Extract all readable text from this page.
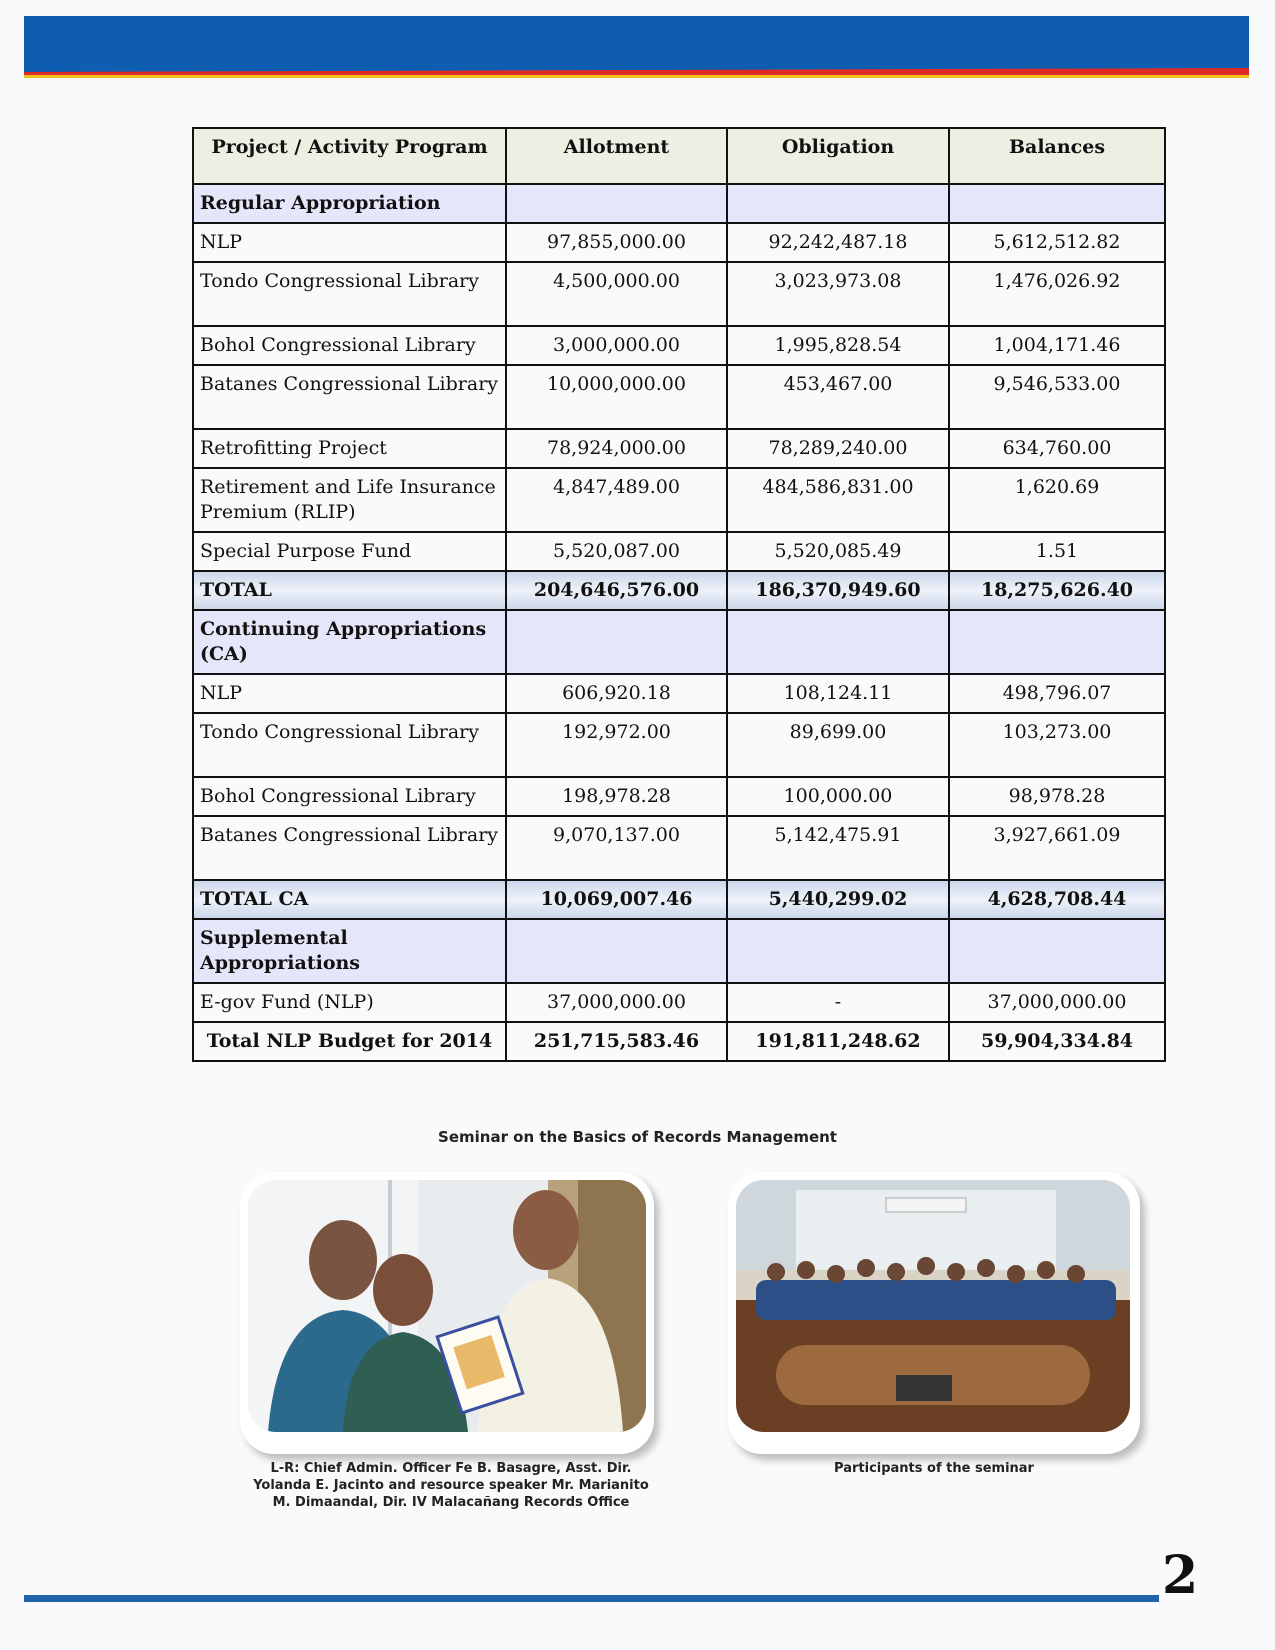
Project / Activity Program	Allotment	Obligation	Balances
Regular Appropriation			
NLP	97,855,000.00	92,242,487.18	5,612,512.82
Tondo Congressional Library	4,500,000.00	3,023,973.08	1,476,026.92
Bohol Congressional Library	3,000,000.00	1,995,828.54	1,004,171.46
Batanes Congressional Library	10,000,000.00	453,467.00	9,546,533.00
Retrofitting Project	78,924,000.00	78,289,240.00	634,760.00
Retirement and Life Insurance Premium (RLIP)	4,847,489.00	484,586,831.00	1,620.69
Special Purpose Fund	5,520,087.00	5,520,085.49	1.51
TOTAL	204,646,576.00	186,370,949.60	18,275,626.40
Continuing Appropriations (CA)			
NLP	606,920.18	108,124.11	498,796.07
Tondo Congressional Library	192,972.00	89,699.00	103,273.00
Bohol Congressional Library	198,978.28	100,000.00	98,978.28
Batanes Congressional Library	9,070,137.00	5,142,475.91	3,927,661.09
TOTAL CA	10,069,007.46	5,440,299.02	4,628,708.44
Supplemental Appropriations			
E-gov Fund (NLP)	37,000,000.00	-	37,000,000.00
Total NLP Budget for 2014	251,715,583.46	191,811,248.62	59,904,334.84
Seminar on the Basics of Records Management
L-R: Chief Admin. Officer Fe B. Basagre, Asst. Dir.
Yolanda E. Jacinto and resource speaker Mr. Marianito
M. Dimaandal, Dir. IV Malacañang Records Office
Participants of the seminar
2
